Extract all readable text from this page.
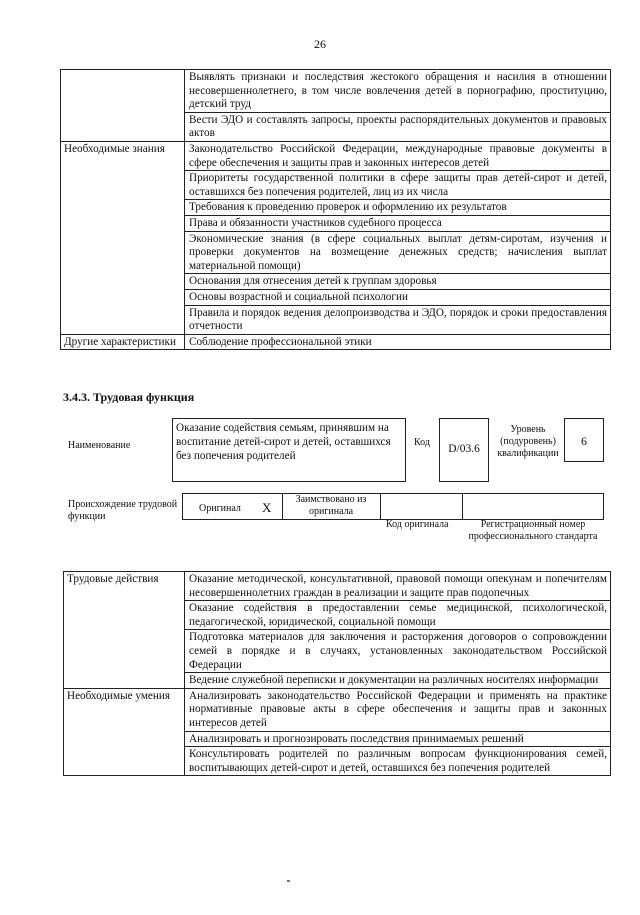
26
	Выявлять признаки и последствия жестокого обращения и насилия в отношении несовершеннолетнего, в том числе вовлечения детей в порнографию, проституцию, детский труд
	Вести ЭДО и составлять запросы, проекты распорядительных документов и правовых актов
Необходимые знания	Законодательство Российской Федерации, международные правовые документы в сфере обеспечения и защиты прав и законных интересов детей
	Приоритеты государственной политики в сфере защиты прав детей-сирот и детей, оставшихся без попечения родителей, лиц из их числа
	Требования к проведению проверок и оформлению их результатов
	Права и обязанности участников судебного процесса
	Экономические знания (в сфере социальных выплат детям-сиротам, изучения и проверки документов на возмещение денежных средств; начисления выплат материальной помощи)
	Основания для отнесения детей к группам здоровья
	Основы возрастной и социальной психологии
	Правила и порядок ведения делопроизводства и ЭДО, порядок и сроки предоставления отчетности
Другие характеристики	Соблюдение профессиональной этики
3.4.3. Трудовая функция
Наименование
Оказание содействия семьям, принявшим на воспитание детей-сирот и детей, оставшихся без попечения родителей
Код
D/03.6
Уровень (подуровень) квалификации
6
Происхождение трудовой функции
Оригинал X
Заимствовано из оригинала
Код оригинала	Регистрационный номер профессионального стандарта
Трудовые действия	Оказание методической, консультативной, правовой помощи опекунам и попечителям несовершеннолетних граждан в реализации и защите прав подопечных
	Оказание содействия в предоставлении семье медицинской, психологической, педагогической, юридической, социальной помощи
	Подготовка материалов для заключения и расторжения договоров о сопровождении семей в порядке и в случаях, установленных законодательством Российской Федерации
	Ведение служебной переписки и документации на различных носителях информации
Необходимые умения	Анализировать законодательство Российской Федерации и применять на практике нормативные правовые акты в сфере обеспечения и защиты прав и законных интересов детей
	Анализировать и прогнозировать последствия принимаемых решений
	Консультировать родителей по различным вопросам функционирования семей, воспитывающих детей-сирот и детей, оставшихся без попечения родителей
